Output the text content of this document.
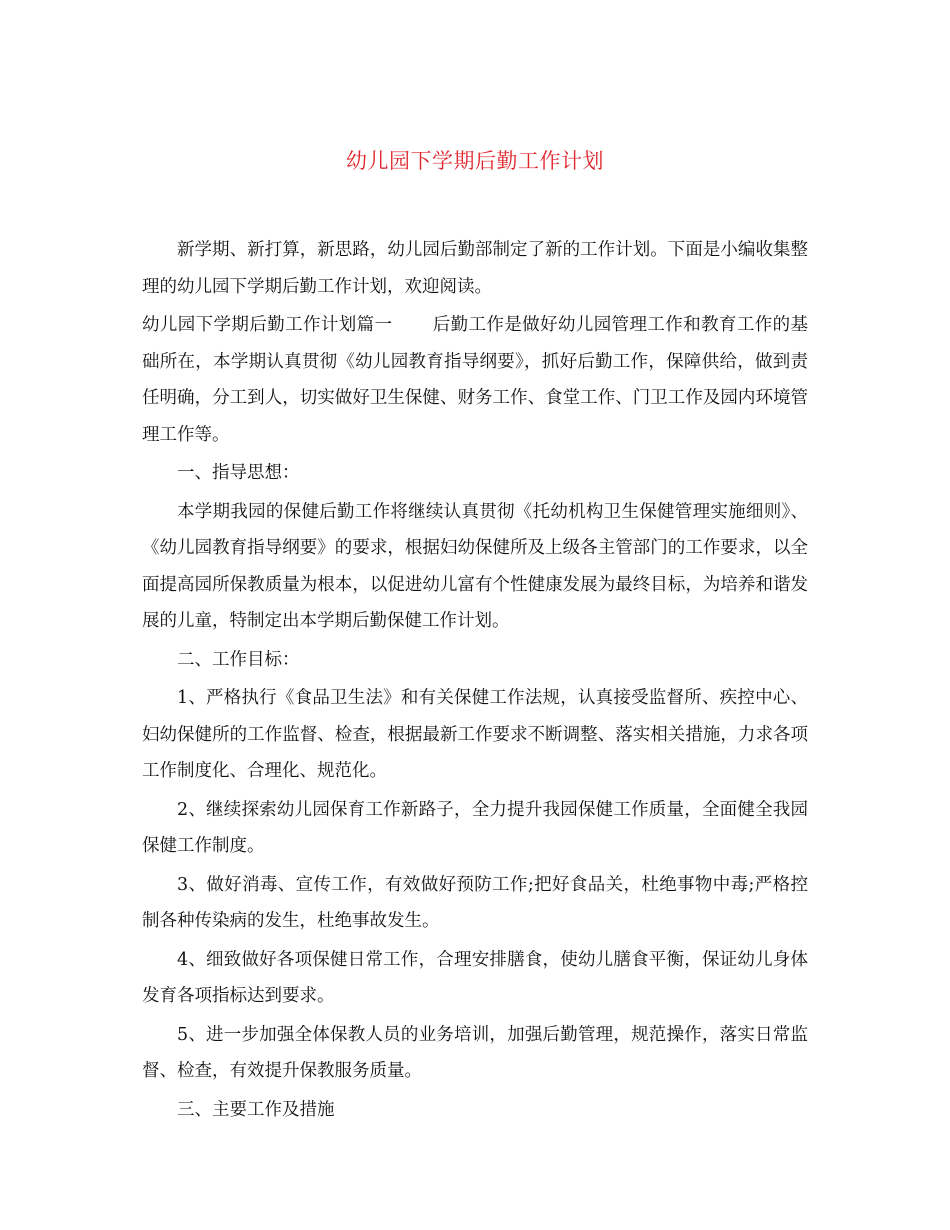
幼儿园下学期后勤工作计划

新学期、新打算，新思路，幼儿园后勤部制定了新的工作计划。下面是小编收集整理的幼儿园下学期后勤工作计划，欢迎阅读。

幼儿园下学期后勤工作计划篇一 后勤工作是做好幼儿园管理工作和教育工作的基础所在，本学期认真贯彻《幼儿园教育指导纲要》，抓好后勤工作，保障供给，做到责任明确，分工到人，切实做好卫生保健、财务工作、食堂工作、门卫工作及园内环境管理工作等。

一、指导思想：

本学期我园的保健后勤工作将继续认真贯彻《托幼机构卫生保健管理实施细则》、《幼儿园教育指导纲要》的要求，根据妇幼保健所及上级各主管部门的工作要求，以全面提高园所保教质量为根本，以促进幼儿富有个性健康发展为最终目标，为培养和谐发展的儿童，特制定出本学期后勤保健工作计划。

二、工作目标：

1、严格执行《食品卫生法》和有关保健工作法规，认真接受监督所、疾控中心、妇幼保健所的工作监督、检查，根据最新工作要求不断调整、落实相关措施，力求各项工作制度化、合理化、规范化。

2、继续探索幼儿园保育工作新路子，全力提升我园保健工作质量，全面健全我园保健工作制度。

3、做好消毒、宣传工作，有效做好预防工作;把好食品关，杜绝事物中毒;严格控制各种传染病的发生，杜绝事故发生。

4、细致做好各项保健日常工作，合理安排膳食，使幼儿膳食平衡，保证幼儿身体发育各项指标达到要求。

5、进一步加强全体保教人员的业务培训，加强后勤管理，规范操作，落实日常监督、检查，有效提升保教服务质量。

三、主要工作及措施
